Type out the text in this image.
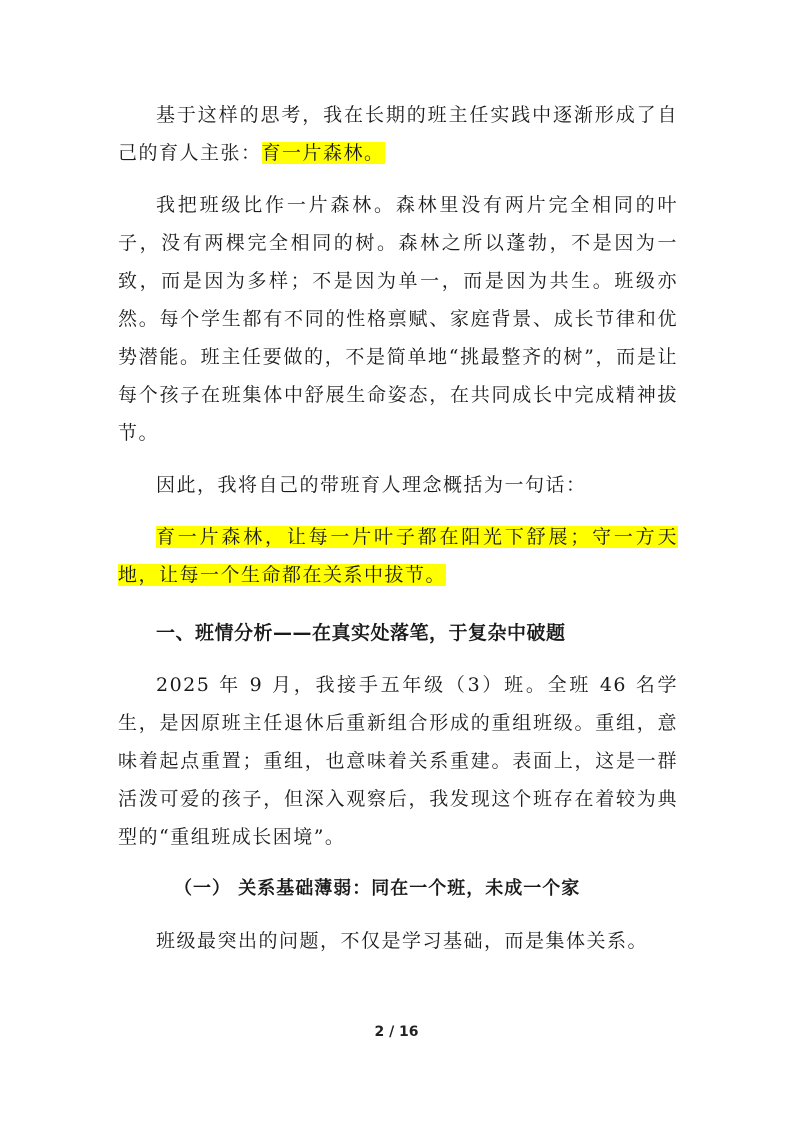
基于这样的思考，我在长期的班主任实践中逐渐形成了自己的育人主张：育一片森林。

我把班级比作一片森林。森林里没有两片完全相同的叶子，没有两棵完全相同的树。森林之所以蓬勃，不是因为一致，而是因为多样；不是因为单一，而是因为共生。班级亦然。每个学生都有不同的性格禀赋、家庭背景、成长节律和优势潜能。班主任要做的，不是简单地“挑最整齐的树”，而是让每个孩子在班集体中舒展生命姿态，在共同成长中完成精神拔节。

因此，我将自己的带班育人理念概括为一句话：

育一片森林，让每一片叶子都在阳光下舒展；守一方天地，让每一个生命都在关系中拔节。

一、班情分析——在真实处落笔，于复杂中破题

2025 年 9 月，我接手五年级（3）班。全班 46 名学生，是因原班主任退休后重新组合形成的重组班级。重组，意味着起点重置；重组，也意味着关系重建。表面上，这是一群活泼可爱的孩子，但深入观察后，我发现这个班存在着较为典型的“重组班成长困境”。

（一） 关系基础薄弱：同在一个班，未成一个家

班级最突出的问题，不仅是学习基础，而是集体关系。

2 / 16
